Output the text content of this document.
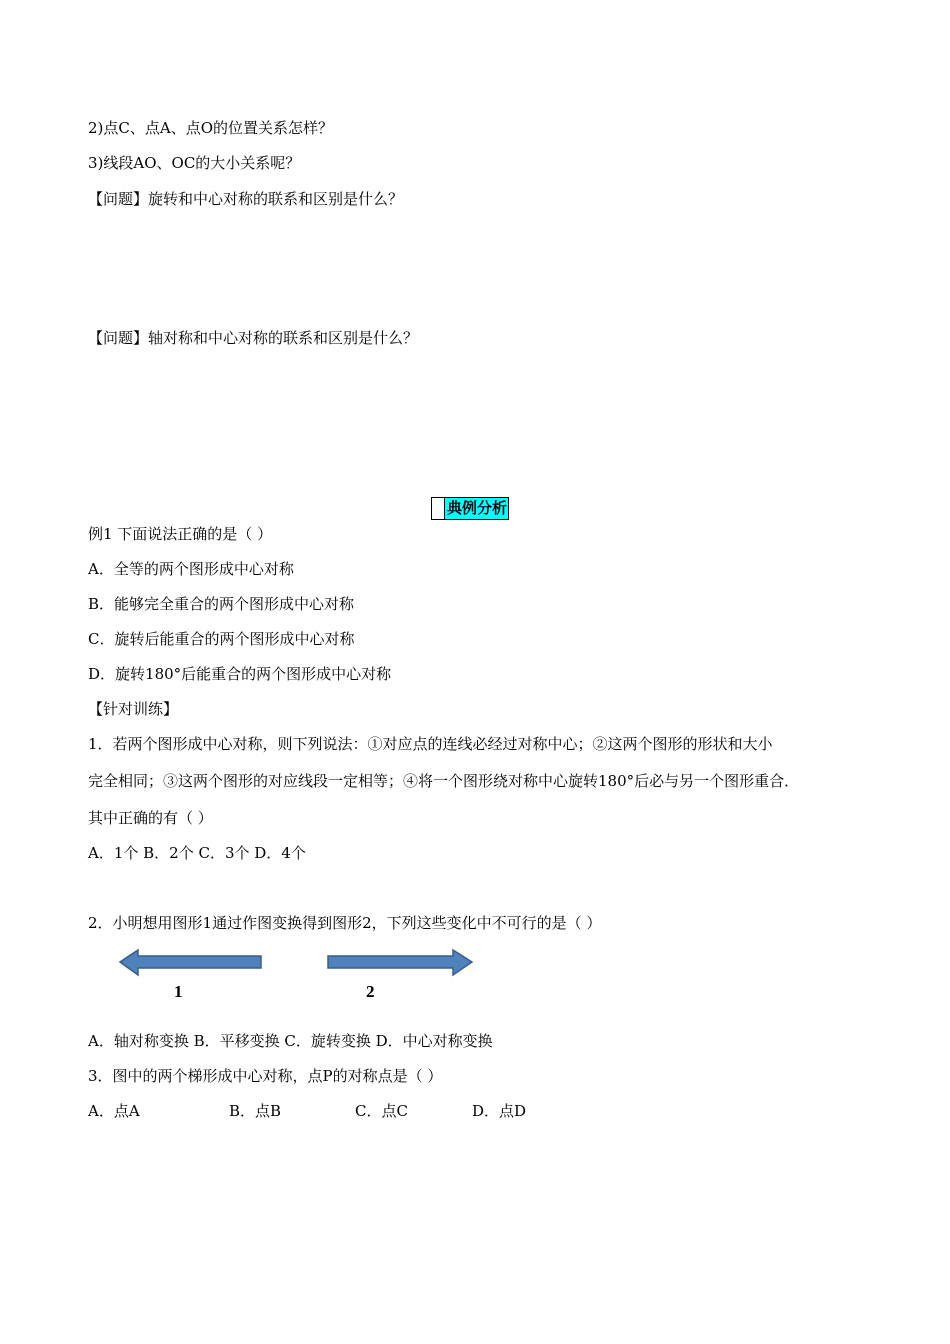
2)点C、点A、点O的位置关系怎样？
3)线段AO、OC的大小关系呢？
【问题】旋转和中心对称的联系和区别是什么？
【问题】轴对称和中心对称的联系和区别是什么？
典例分析
例1 下面说法正确的是（ ）
A．全等的两个图形成中心对称
B．能够完全重合的两个图形成中心对称
C．旋转后能重合的两个图形成中心对称
D．旋转180°后能重合的两个图形成中心对称
【针对训练】
1．若两个图形成中心对称，则下列说法：①对应点的连线必经过对称中心；②这两个图形的形状和大小
完全相同；③这两个图形的对应线段一定相等；④将一个图形绕对称中心旋转180°后必与另一个图形重合．
其中正确的有（ ）
A．1个 B．2个 C．3个 D．4个
2．小明想用图形1通过作图变换得到图形2，下列这些变化中不可行的是（ ）
1	2
A．轴对称变换 B．平移变换 C．旋转变换 D．中心对称变换
3．图中的两个梯形成中心对称，点P的对称点是（ ）
A．点A	B．点B	C．点C	D．点D
